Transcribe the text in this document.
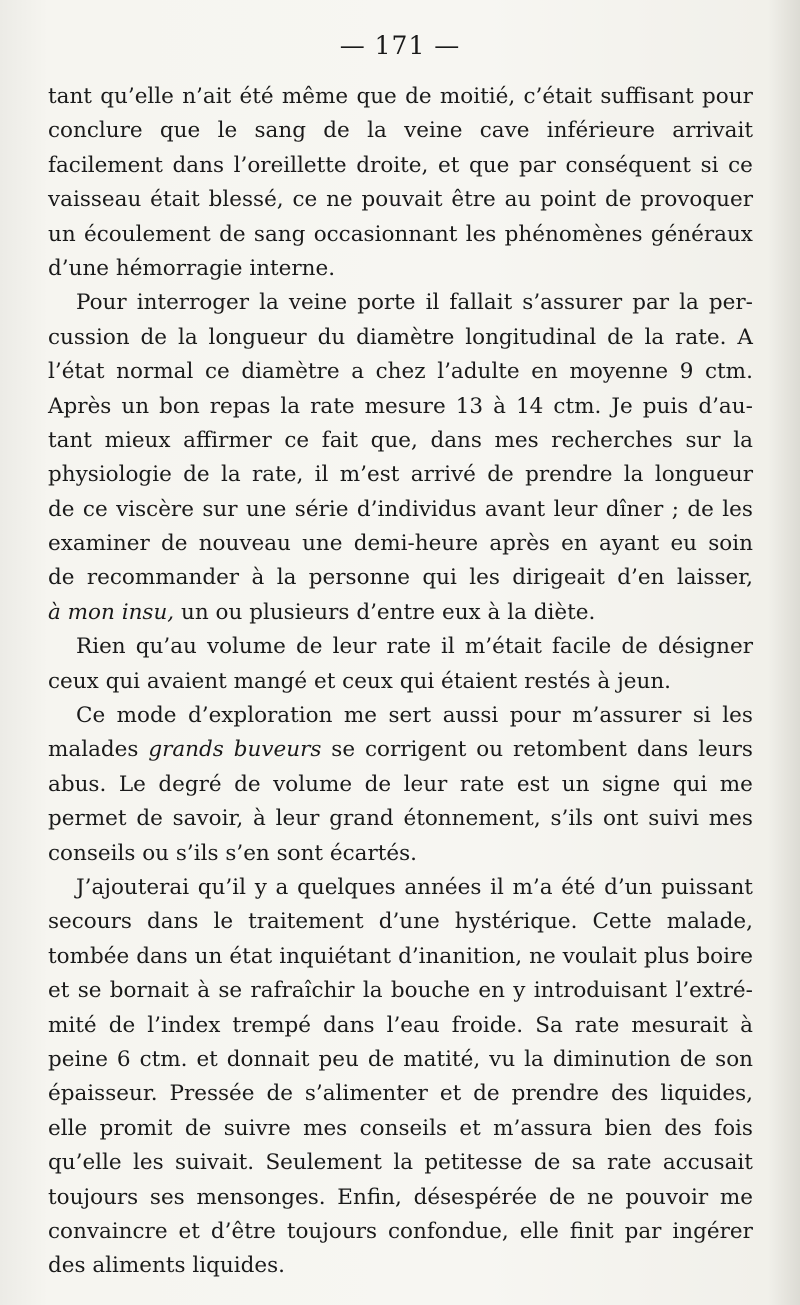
— 171 —
tant qu’elle n’ait été même que de moitié, c’était suffisant pour
conclure que le sang de la veine cave inférieure arrivait
facilement dans l’oreillette droite, et que par conséquent si ce
vaisseau était blessé, ce ne pouvait être au point de provoquer
un écoulement de sang occasionnant les phénomènes généraux
d’une hémorragie interne.
Pour interroger la veine porte il fallait s’assurer par la per-
cussion de la longueur du diamètre longitudinal de la rate. A
l’état normal ce diamètre a chez l’adulte en moyenne 9 ctm.
Après un bon repas la rate mesure 13 à 14 ctm. Je puis d’au-
tant mieux affirmer ce fait que, dans mes recherches sur la
physiologie de la rate, il m’est arrivé de prendre la longueur
de ce viscère sur une série d’individus avant leur dîner ; de les
examiner de nouveau une demi-heure après en ayant eu soin
de recommander à la personne qui les dirigeait d’en laisser,
à mon insu, un ou plusieurs d’entre eux à la diète.
Rien qu’au volume de leur rate il m’était facile de désigner
ceux qui avaient mangé et ceux qui étaient restés à jeun.
Ce mode d’exploration me sert aussi pour m’assurer si les
malades grands buveurs se corrigent ou retombent dans leurs
abus. Le degré de volume de leur rate est un signe qui me
permet de savoir, à leur grand étonnement, s’ils ont suivi mes
conseils ou s’ils s’en sont écartés.
J’ajouterai qu’il y a quelques années il m’a été d’un puissant
secours dans le traitement d’une hystérique. Cette malade,
tombée dans un état inquiétant d’inanition, ne voulait plus boire
et se bornait à se rafraîchir la bouche en y introduisant l’extré-
mité de l’index trempé dans l’eau froide. Sa rate mesurait à
peine 6 ctm. et donnait peu de matité, vu la diminution de son
épaisseur. Pressée de s’alimenter et de prendre des liquides,
elle promit de suivre mes conseils et m’assura bien des fois
qu’elle les suivait. Seulement la petitesse de sa rate accusait
toujours ses mensonges. Enfin, désespérée de ne pouvoir me
convaincre et d’être toujours confondue, elle finit par ingérer
des aliments liquides.
